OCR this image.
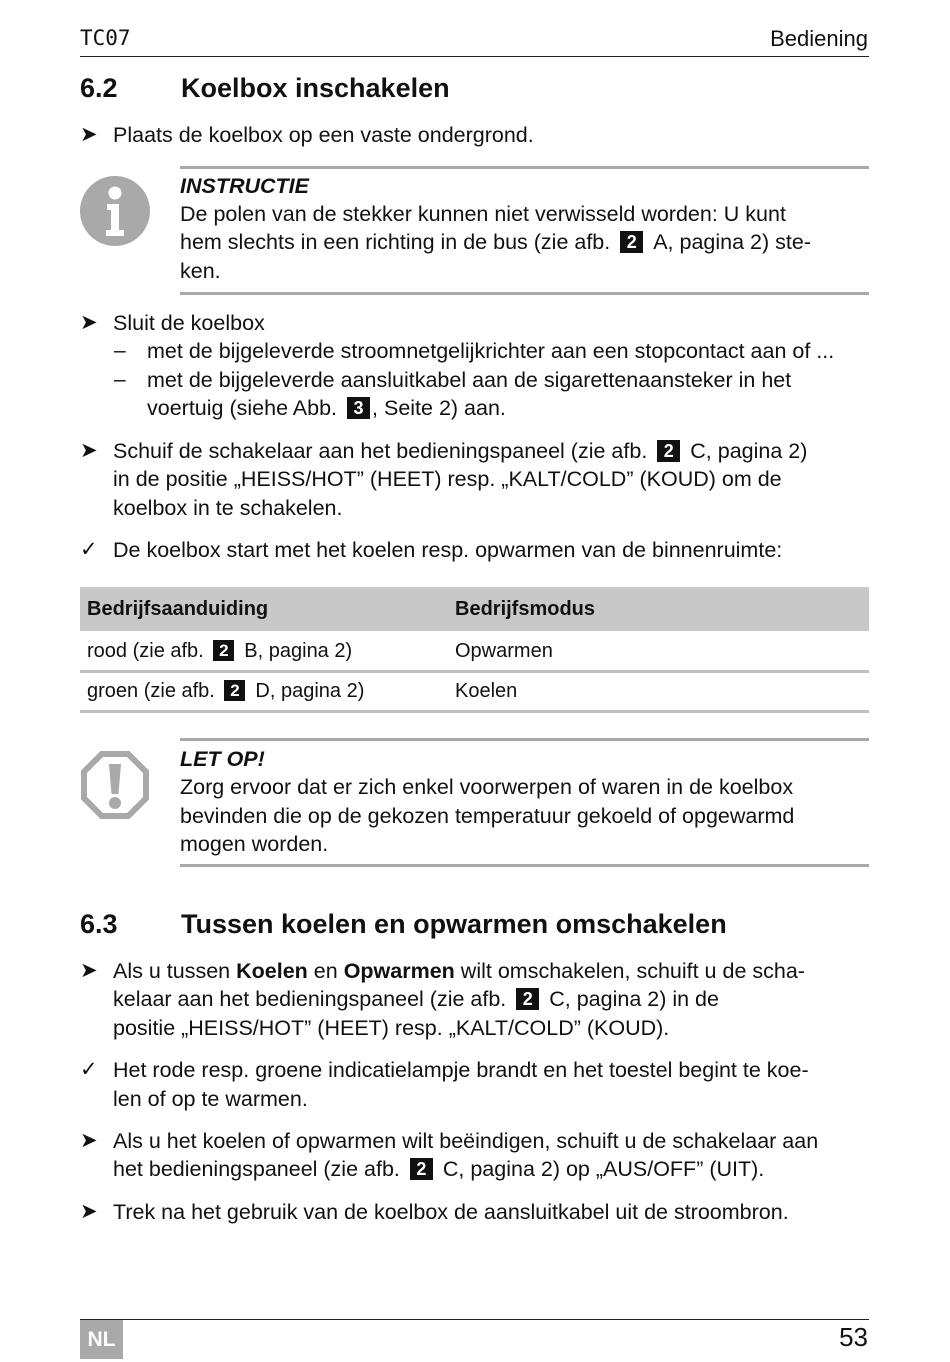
TC07	Bediening
6.2 Koelbox inschakelen
➤ Plaats de koelbox op een vaste ondergrond.
INSTRUCTIE
De polen van de stekker kunnen niet verwisseld worden: U kunt
hem slechts in een richting in de bus (zie afb. 2 A, pagina 2) ste-
ken.
➤ Sluit de koelbox
– met de bijgeleverde stroomnetgelijkrichter aan een stopcontact aan of ...
– met de bijgeleverde aansluitkabel aan de sigarettenaansteker in het
voertuig (siehe Abb. 3 , Seite 2) aan.
➤ Schuif de schakelaar aan het bedieningspaneel (zie afb. 2 C, pagina 2)
in de positie „HEISS/HOT” (HEET) resp. „KALT/COLD” (KOUD) om de
koelbox in te schakelen.
✓ De koelbox start met het koelen resp. opwarmen van de binnenruimte:
Bedrijfsaanduiding	Bedrijfsmodus
rood (zie afb. 2 B, pagina 2)	Opwarmen
groen (zie afb. 2 D, pagina 2)	Koelen
LET OP!
Zorg ervoor dat er zich enkel voorwerpen of waren in de koelbox
bevinden die op de gekozen temperatuur gekoeld of opgewarmd
mogen worden.
6.3 Tussen koelen en opwarmen omschakelen
➤ Als u tussen Koelen en Opwarmen wilt omschakelen, schuift u de scha-
kelaar aan het bedieningspaneel (zie afb. 2 C, pagina 2) in de
positie „HEISS/HOT” (HEET) resp. „KALT/COLD” (KOUD).
✓ Het rode resp. groene indicatielampje brandt en het toestel begint te koe-
len of op te warmen.
➤ Als u het koelen of opwarmen wilt beëindigen, schuift u de schakelaar aan
het bedieningspaneel (zie afb. 2 C, pagina 2) op „AUS/OFF” (UIT).
➤ Trek na het gebruik van de koelbox de aansluitkabel uit de stroombron.
NL	53
